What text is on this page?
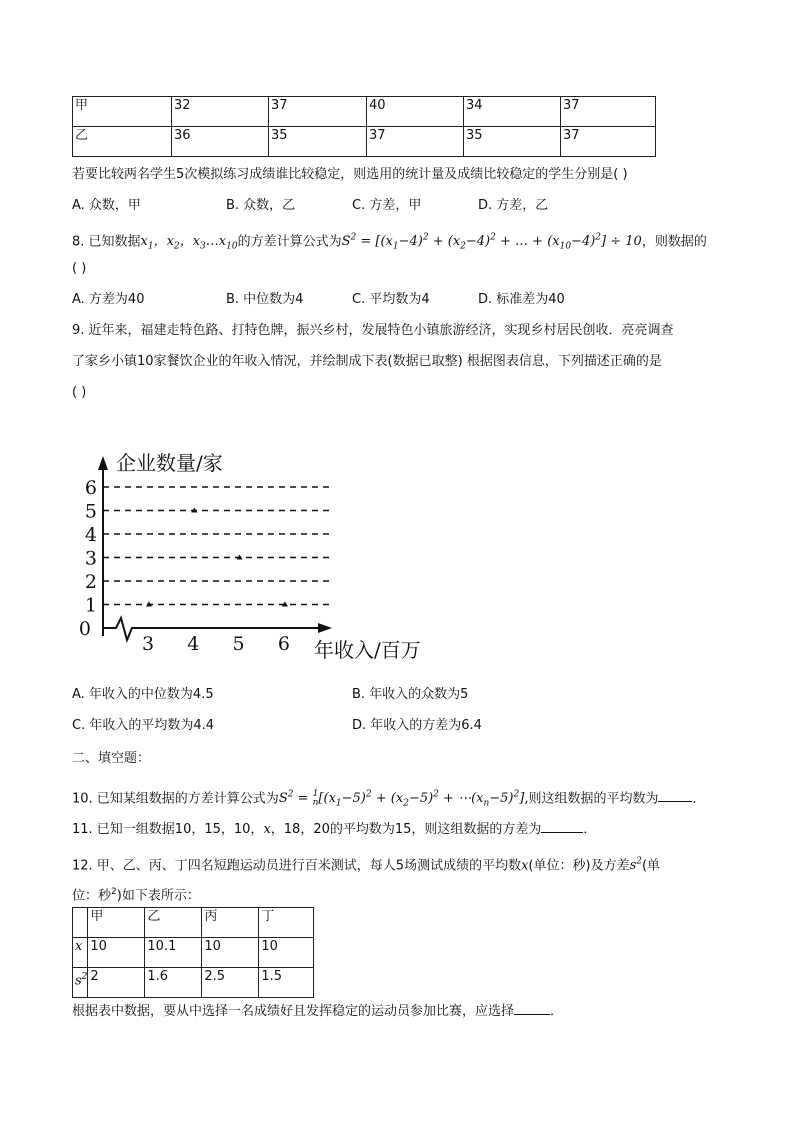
甲	32	37	40	34	37
乙	36	35	37	35	37
若要比较两名学生5次模拟练习成绩谁比较稳定，则选用的统计量及成绩比较稳定的学生分别是( )
A. 众数，甲	B. 众数，乙	C. 方差，甲	D. 方差，乙
8. 已知数据$x_1$，$x_2$，$x_3\dots x_{10}$的方差计算公式为$S^2 = [(x_1-4)^2 + (x_2-4)^2$ + … + $(x_{10}-4)^2] \div 10$，则数据的
( )
A. 方差为40	B. 中位数为4	C. 平均数为4	D. 标准差为40
9. 近年来，福建走特色路、打特色牌，振兴乡村，发展特色小镇旅游经济，实现乡村居民创收．亮亮调查
了家乡小镇10家餐饮企业的年收入情况，并绘制成下表(数据已取整) 根据图表信息，下列描述正确的是
( )
0
1
2
3
4
5
6
3 4 5 6
企业数量/家
年收入/百万
A. 年收入的中位数为4.5	B. 年收入的众数为5
C. 年收入的平均数为4.4	D. 年收入的方差为6.4
二、填空题：
10. 已知某组数据的方差计算公式为$S^2 = 1$
$n[(x_1-5)^2 + (x_2-5)^2$ + $\cdots(x_n-5)^2$],则这组数据的平均数为	．
11. 已知一组数据10，15，10，x，18，20的平均数为15，则这组数据的方差为	．
12. 甲、乙、丙、丁四名短跑运动员进行百米测试，每人5场测试成绩的平均数x(单位：秒)及方差$s^2$(单
位：秒$^2$)如下表所示：
	甲	乙	丙	丁
x	10	10.1	10	10
$s^2$	2	1.6	2.5	1.5
根据表中数据，要从中选择一名成绩好且发挥稳定的运动员参加比赛，应选择	．
